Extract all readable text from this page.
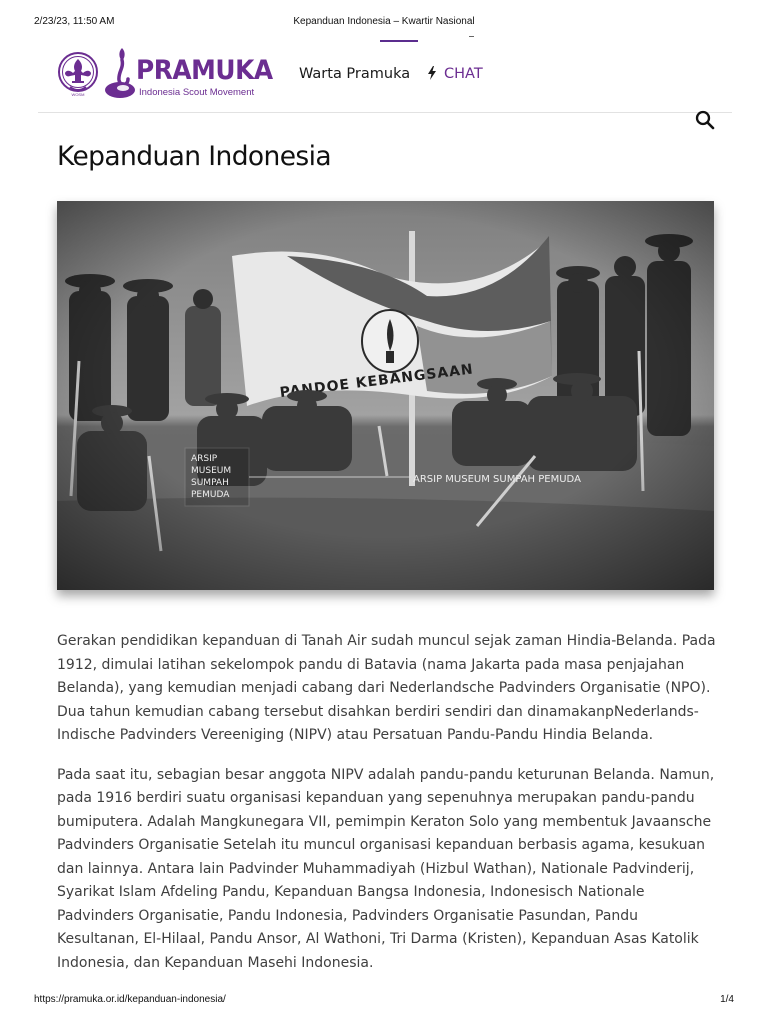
2/23/23, 11:50 AM	Kepanduan Indonesia – Kwartir Nasional
WOSM
PRAMUKA
Indonesia Scout Movement
Warta Pramuka	CHAT
Kepanduan Indonesia

Gerakan pendidikan kepanduan di Tanah Air sudah muncul sejak zaman Hindia-Belanda. Pada 1912, dimulai latihan sekelompok pandu di Batavia (nama Jakarta pada masa penjajahan Belanda), yang kemudian menjadi cabang dari Nederlandsche Padvinders Organisatie (NPO). Dua tahun kemudian cabang tersebut disahkan berdiri sendiri dan dinamakanpNederlands-Indische Padvinders Vereeniging (NIPV) atau Persatuan Pandu-Pandu Hindia Belanda.

Pada saat itu, sebagian besar anggota NIPV adalah pandu-pandu keturunan Belanda. Namun, pada 1916 berdiri suatu organisasi kepanduan yang sepenuhnya merupakan pandu-pandu bumiputera. Adalah Mangkunegara VII, pemimpin Keraton Solo yang membentuk Javaansche Padvinders Organisatie Setelah itu muncul organisasi kepanduan berbasis agama, kesukuan dan lainnya. Antara lain Padvinder Muhammadiyah (Hizbul Wathan), Nationale Padvinderij, Syarikat Islam Afdeling Pandu, Kepanduan Bangsa Indonesia, Indonesisch Nationale Padvinders Organisatie, Pandu Indonesia, Padvinders Organisatie Pasundan, Pandu Kesultanan, El-Hilaal, Pandu Ansor, Al Wathoni, Tri Darma (Kristen), Kepanduan Asas Katolik Indonesia, dan Kepanduan Masehi Indonesia.

https://pramuka.or.id/kepanduan-indonesia/	1/4
